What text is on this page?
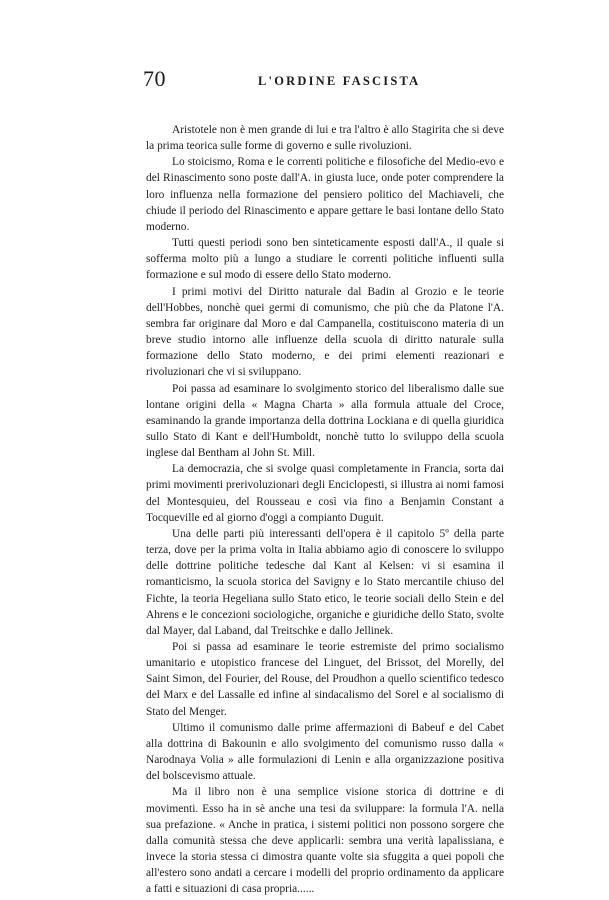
70	L'ORDINE FASCISTA

Aristotele non è men grande di lui e tra l'altro è allo Stagirita che si deve la prima teorica sulle forme di governo e sulle rivoluzioni.

Lo stoicismo, Roma e le correnti politiche e filosofiche del Medio-evo e del Rinascimento sono poste dall'A. in giusta luce, onde poter comprendere la loro influenza nella formazione del pensiero politico del Machiaveli, che chiude il periodo del Rinascimento e appare gettare le basi lontane dello Stato moderno.

Tutti questi periodi sono ben sinteticamente esposti dall'A., il quale si sofferma molto più a lungo a studiare le correnti politiche influenti sulla formazione e sul modo di essere dello Stato moderno.

I primi motivi del Diritto naturale dal Badin al Grozio e le teorie dell'Hobbes, nonchè quei germi di comunismo, che più che da Platone l'A. sembra far originare dal Moro e dal Campanella, costituiscono materia di un breve studio intorno alle influenze della scuola di diritto naturale sulla formazione dello Stato moderno, e dei primi elementi reazionari e rivoluzionari che vi si sviluppano.

Poi passa ad esaminare lo svolgimento storico del liberalismo dalle sue lontane origini della « Magna Charta » alla formula attuale del Croce, esaminando la grande importanza della dottrina Lockiana e di quella giuridica sullo Stato di Kant e dell'Humboldt, nonchè tutto lo sviluppo della scuola inglese dal Bentham al John St. Mill.

La democrazia, che si svolge quasi completamente in Francia, sorta dai primi movimenti prerivoluzionari degli Enciclopesti, si illustra ai nomi famosi del Montesquieu, del Rousseau e così via fino a Benjamin Constant a Tocqueville ed al giorno d'oggi a compianto Duguit.

Una delle parti più interessanti dell'opera è il capitolo 5º della parte terza, dove per la prima volta in Italia abbiamo agio di conoscere lo sviluppo delle dottrine politiche tedesche dal Kant al Kelsen: vi si esamina il romanticismo, la scuola storica del Savigny e lo Stato mercantile chiuso del Fichte, la teoria Hegeliana sullo Stato etico, le teorie sociali dello Stein e del Ahrens e le concezioni sociologiche, organiche e giuridiche dello Stato, svolte dal Mayer, dal Laband, dal Treitschke e dallo Jellinek.

Poi si passa ad esaminare le teorie estremiste del primo socialismo umanitario e utopistico francese del Linguet, del Brissot, del Morelly, del Saint Simon, del Fourier, del Rouse, del Proudhon a quello scientifico tedesco del Marx e del Lassalle ed infine al sindacalismo del Sorel e al socialismo di Stato del Menger.

Ultimo il comunismo dalle prime affermazioni di Babeuf e del Cabet alla dottrina di Bakounin e allo svolgimento del comunismo russo dalla « Narodnaya Volia » alle formulazioni di Lenin e alla organizzazione positiva del bolscevismo attuale.

Ma il libro non è una semplice visione storica di dottrine e di movimenti. Esso ha in sè anche una tesi da sviluppare: la formula l'A. nella sua prefazione. « Anche in pratica, i sistemi politici non possono sorgere che dalla comunità stessa che deve applicarli: sembra una verità lapalissiana, e invece la storia stessa ci dimostra quante volte sia sfuggita a quei popoli che all'estero sono andati a cercare i modelli del proprio ordinamento da applicare a fatti e situazioni di casa propria......
